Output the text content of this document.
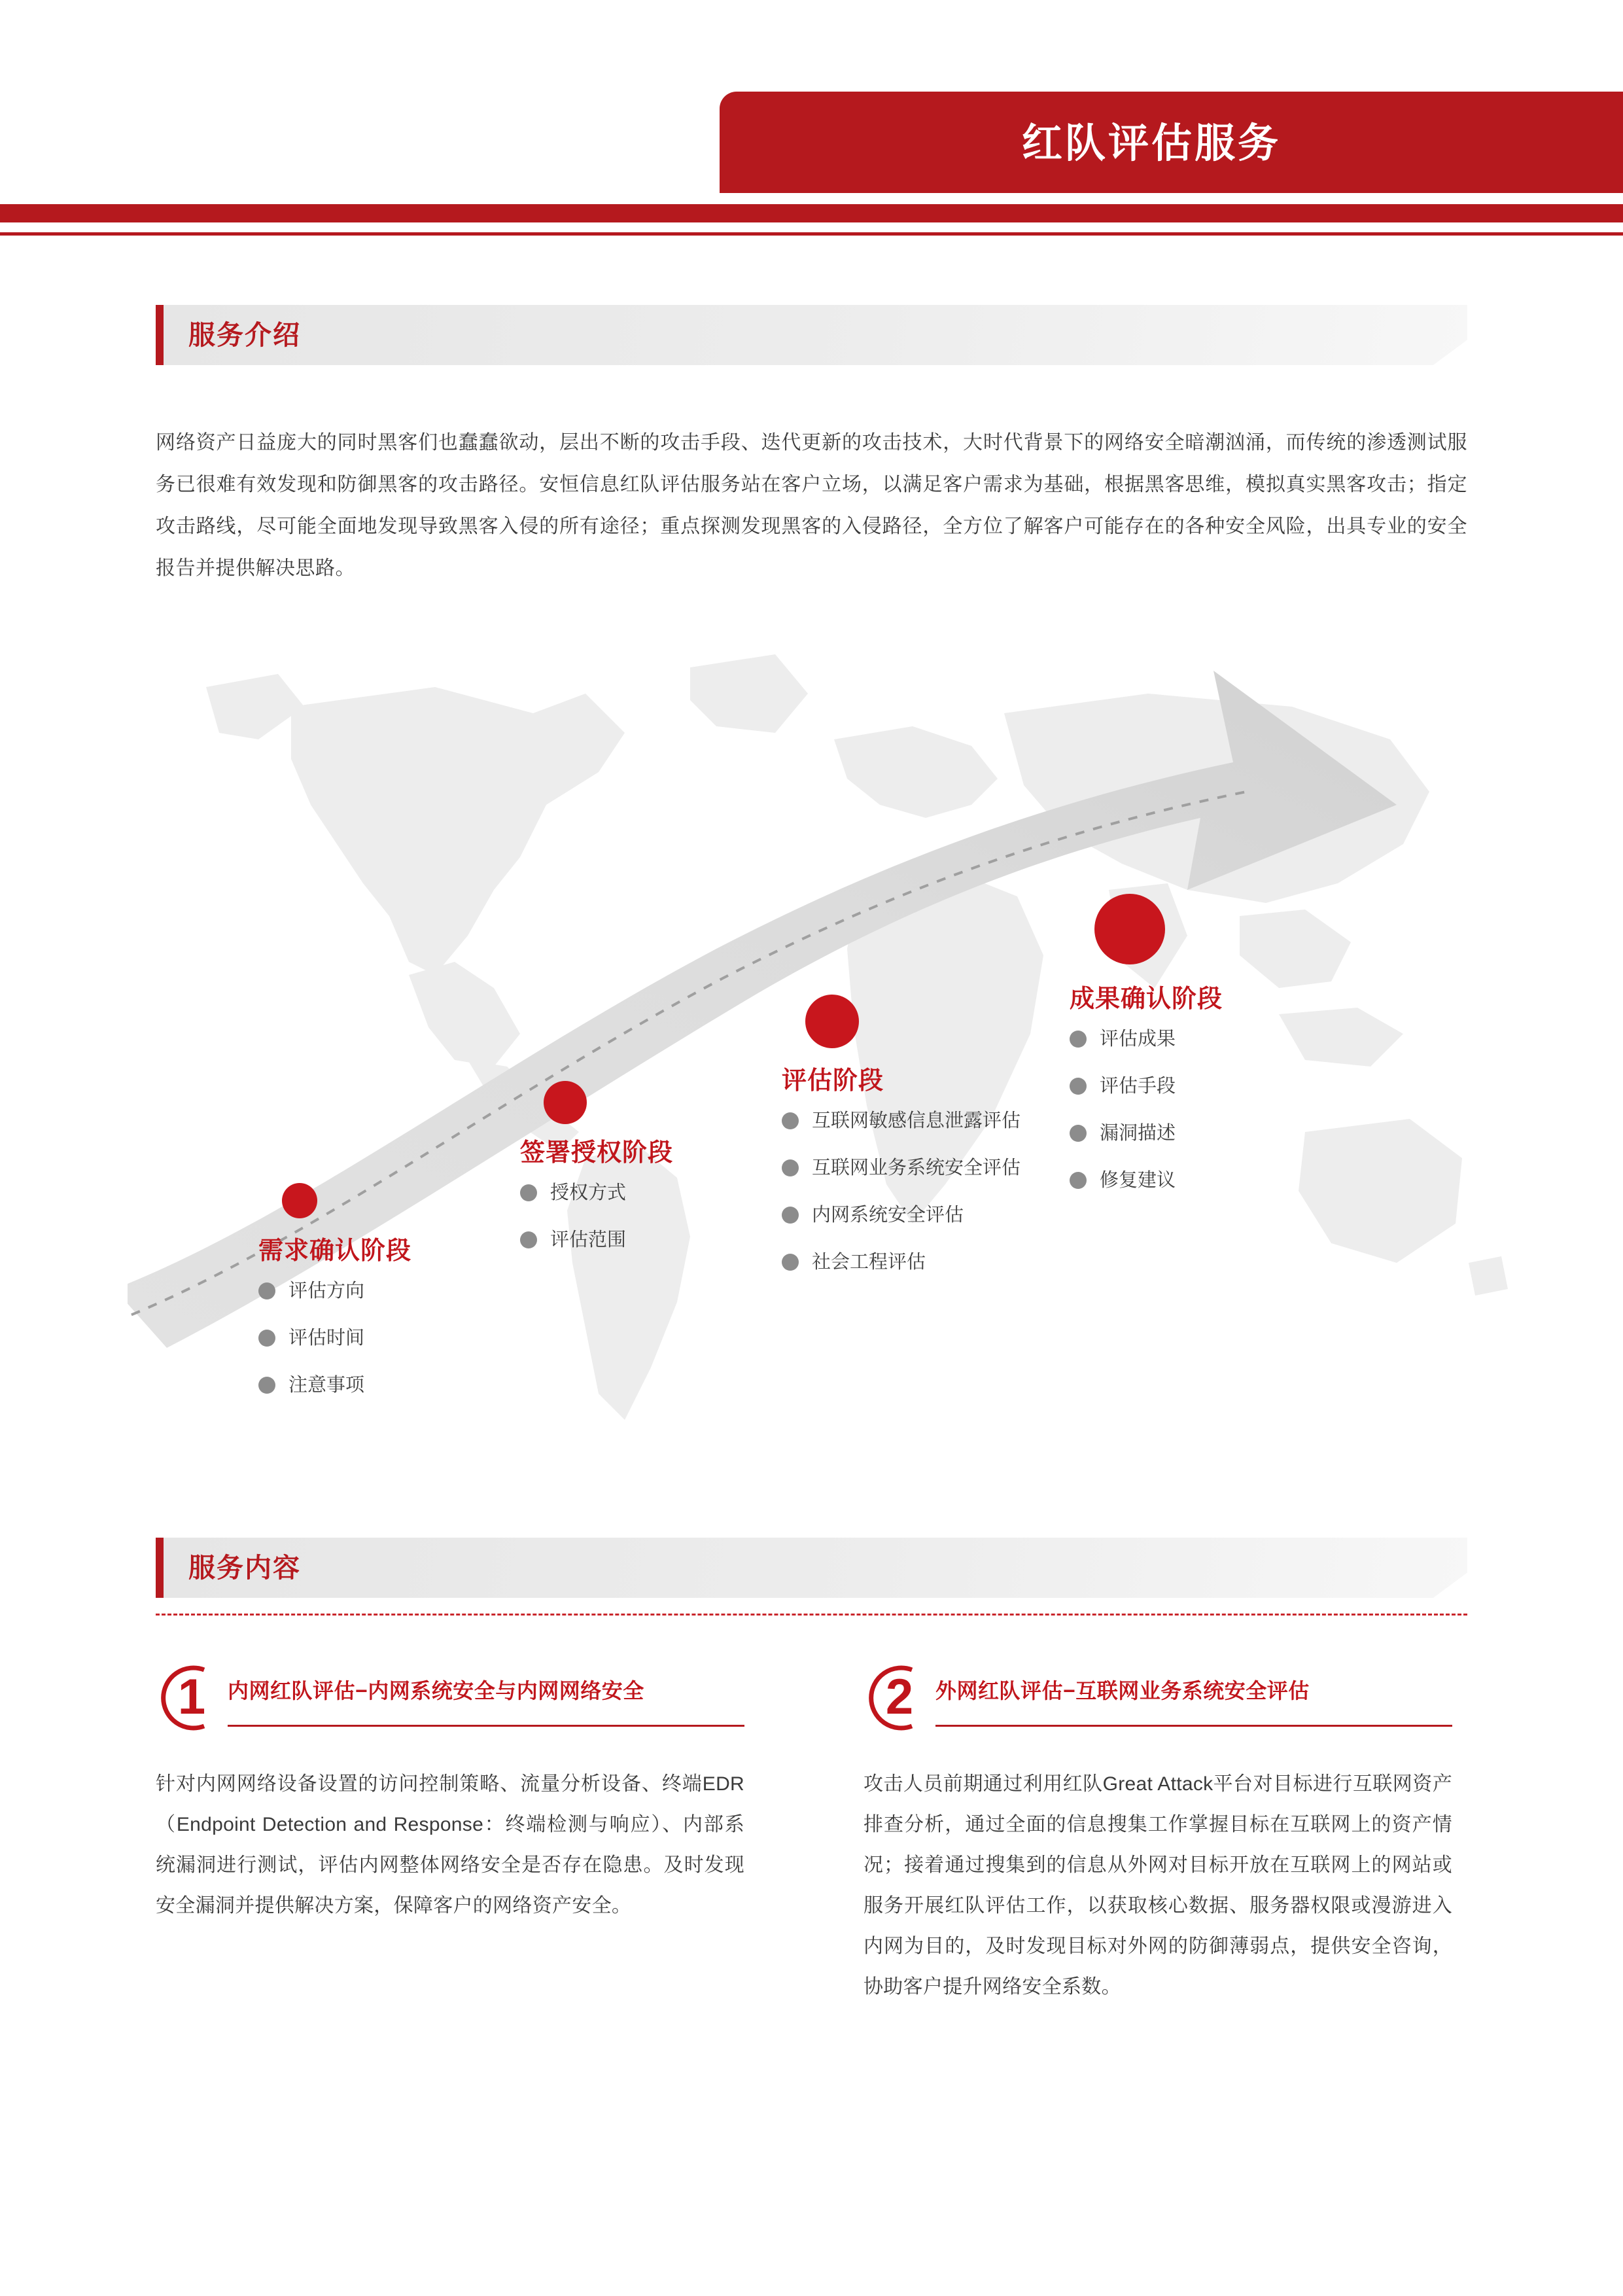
红队评估服务
服务介绍

网络资产日益庞大的同时黑客们也蠢蠢欲动，层出不断的攻击手段、迭代更新的攻击技术，大时代背景下的网络安全暗潮汹涌，而传统的渗透测试服务已很难有效发现和防御黑客的攻击路径。安恒信息红队评估服务站在客户立场，以满足客户需求为基础，根据黑客思维，模拟真实黑客攻击；指定攻击路线，尽可能全面地发现导致黑客入侵的所有途径；重点探测发现黑客的入侵路径，全方位了解客户可能存在的各种安全风险，出具专业的安全报告并提供解决思路。

需求确认阶段
评估方向
评估时间
注意事项
签署授权阶段
授权方式
评估范围
评估阶段
互联网敏感信息泄露评估
互联网业务系统安全评估
内网系统安全评估
社会工程评估
成果确认阶段
评估成果
评估手段
漏洞描述
修复建议
服务内容
1	内网红队评估−内网系统安全与内网网络安全

针对内网网络设备设置的访问控制策略、流量分析设备、终端EDR（Endpoint Detection and Response：终端检测与响应）、内部系统漏洞进行测试，评估内网整体网络安全是否存在隐患。及时发现安全漏洞并提供解决方案，保障客户的网络资产安全。

2	外网红队评估−互联网业务系统安全评估

攻击人员前期通过利用红队Great Attack平台对目标进行互联网资产排查分析，通过全面的信息搜集工作掌握目标在互联网上的资产情况；接着通过搜集到的信息从外网对目标开放在互联网上的网站或服务开展红队评估工作，以获取核心数据、服务器权限或漫游进入内网为目的，及时发现目标对外网的防御薄弱点，提供安全咨询，协助客户提升网络安全系数。
